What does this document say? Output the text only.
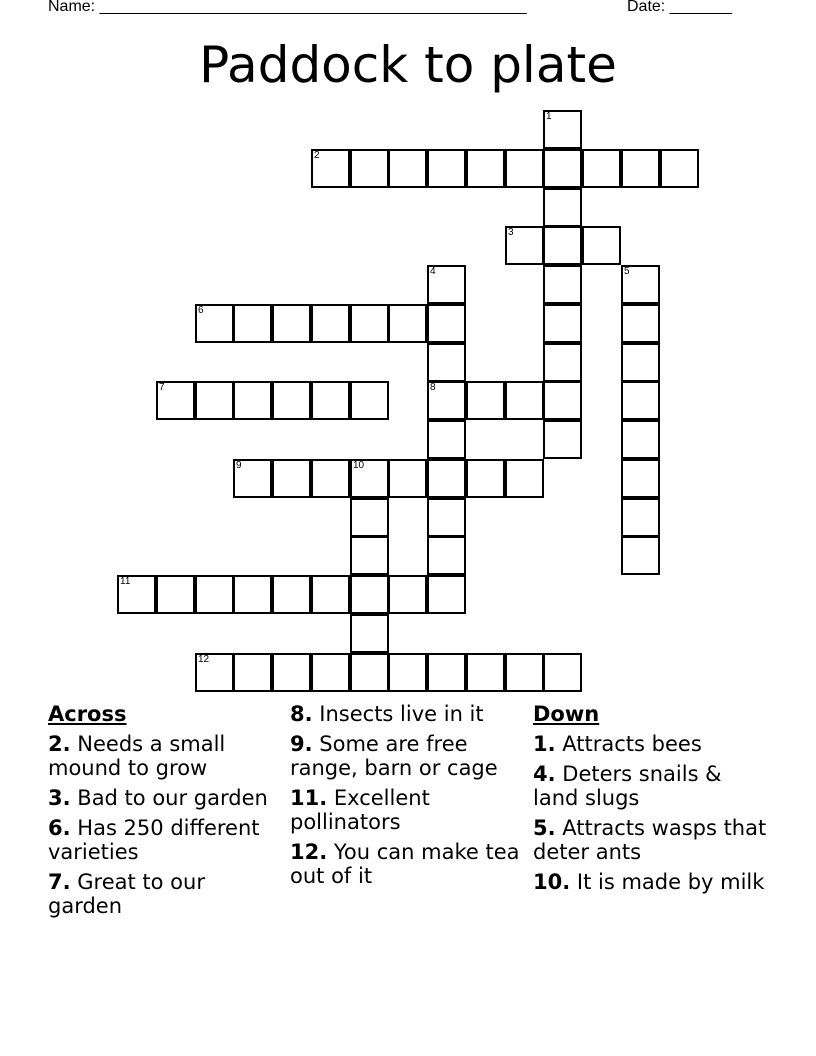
Name: ________________________________________________	Date: _______
Paddock to plate
2
3
6
7	8
9	10
11
12
1
4	5
Across
2. Needs a small mound to grow
3. Bad to our garden
6. Has 250 different varieties
7. Great to our garden
8. Insects live in it
9. Some are free range, barn or cage
11. Excellent pollinators
12. You can make tea out of it
Down
1. Attracts bees
4. Deters snails & land slugs
5. Attracts wasps that deter ants
10. It is made by milk
